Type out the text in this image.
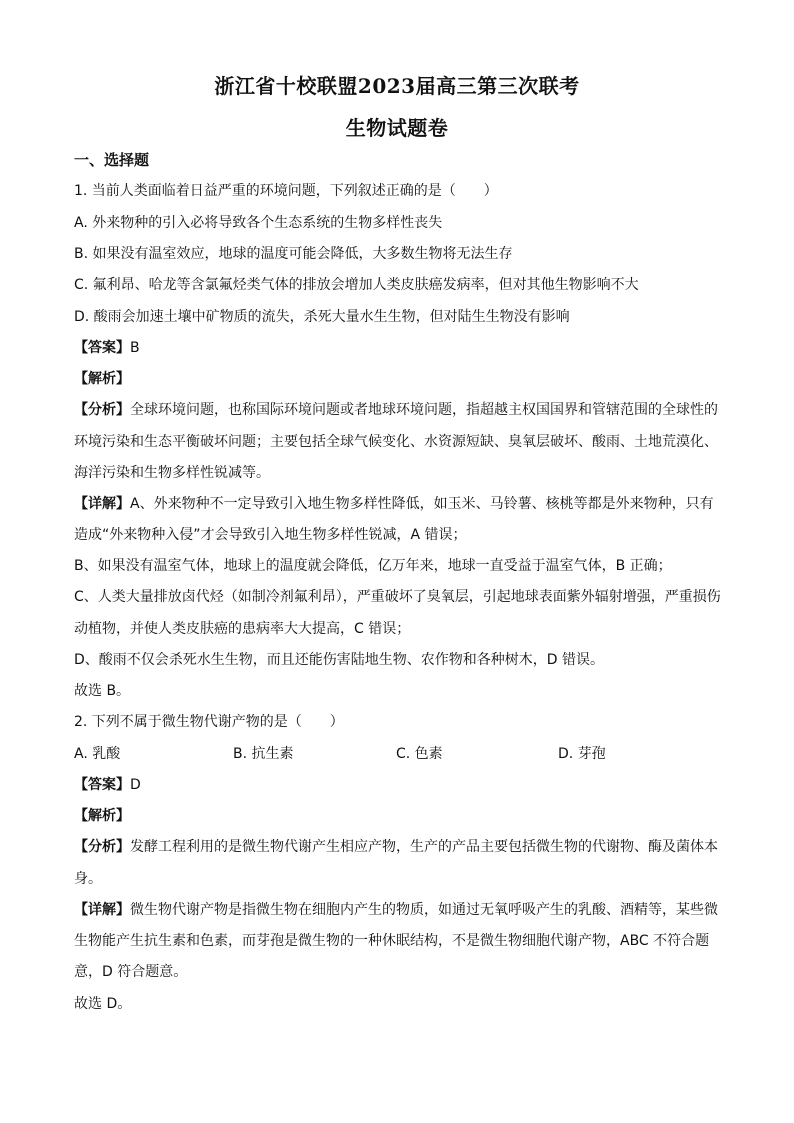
浙江省十校联盟2023届高三第三次联考
生物试题卷
一、选择题
1. 当前人类面临着日益严重的环境问题，下列叙述正确的是（　　）
A. 外来物种的引入必将导致各个生态系统的生物多样性丧失
B. 如果没有温室效应，地球的温度可能会降低，大多数生物将无法生存
C. 氟利昂、哈龙等含氯氟烃类气体的排放会增加人类皮肤癌发病率，但对其他生物影响不大
D. 酸雨会加速土壤中矿物质的流失，杀死大量水生生物，但对陆生生物没有影响
【答案】B
【解析】
【分析】全球环境问题，也称国际环境问题或者地球环境问题，指超越主权国国界和管辖范围的全球性的
环境污染和生态平衡破坏问题；主要包括全球气候变化、水资源短缺、臭氧层破坏、酸雨、土地荒漠化、
海洋污染和生物多样性锐减等。
【详解】A、外来物种不一定导致引入地生物多样性降低，如玉米、马铃薯、核桃等都是外来物种，只有
造成“外来物种入侵”才会导致引入地生物多样性锐减，A 错误；
B、如果没有温室气体，地球上的温度就会降低，亿万年来，地球一直受益于温室气体，B 正确；
C、人类大量排放卤代烃（如制冷剂氟利昂），严重破坏了臭氧层，引起地球表面紫外辐射增强，严重损伤
动植物，并使人类皮肤癌的患病率大大提高，C 错误；
D、酸雨不仅会杀死水生生物，而且还能伤害陆地生物、农作物和各种树木，D 错误。
故选 B。
2. 下列不属于微生物代谢产物的是（　　）
A. 乳酸	B. 抗生素	C. 色素	D. 芽孢
【答案】D
【解析】
【分析】发酵工程利用的是微生物代谢产生相应产物，生产的产品主要包括微生物的代谢物、酶及菌体本
身。
【详解】微生物代谢产物是指微生物在细胞内产生的物质，如通过无氧呼吸产生的乳酸、酒精等，某些微
生物能产生抗生素和色素，而芽孢是微生物的一种休眠结构，不是微生物细胞代谢产物，ABC 不符合题
意，D 符合题意。
故选 D。
